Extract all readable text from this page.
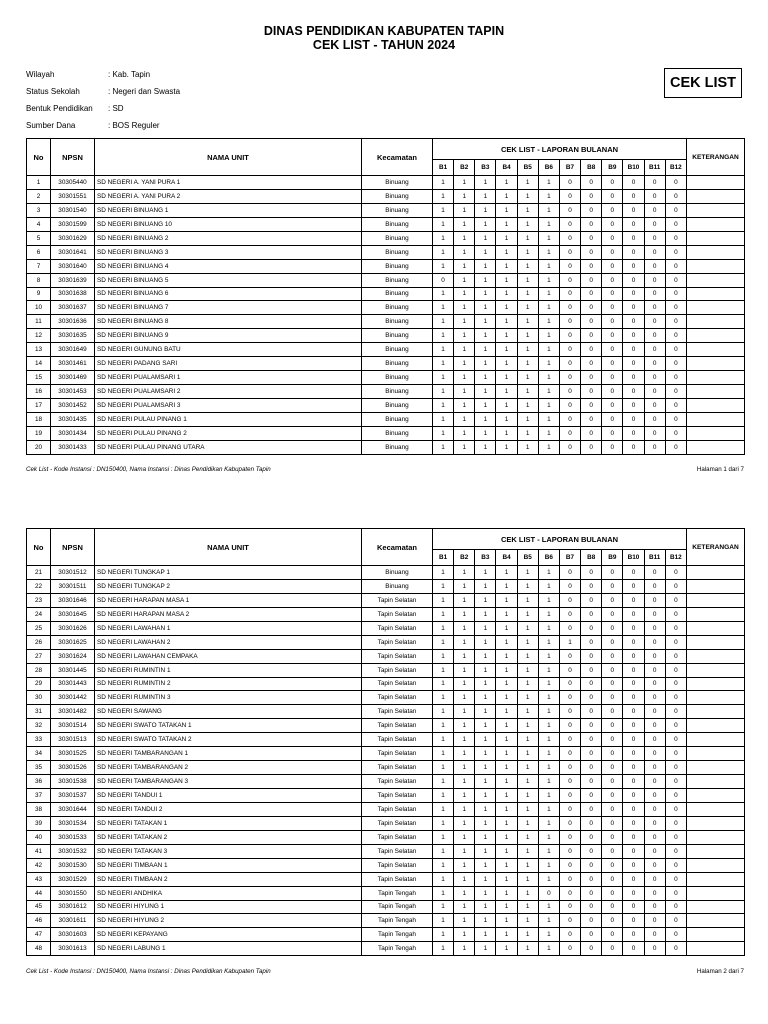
DINAS PENDIDIKAN KABUPATEN TAPIN
CEK LIST - TAHUN 2024
Wilayah	: Kab. Tapin
Status Sekolah	: Negeri dan Swasta
Bentuk Pendidikan	: SD
Sumber Dana	: BOS Reguler
CEK LIST
No	NPSN	NAMA UNIT	Kecamatan	CEK LIST - LAPORAN BULANAN												KETERANGAN
				B1	B2	B3	B4	B5	B6	B7	B8	B9	B10	B11	B12	
1	30305440	SD NEGERI A. YANI PURA 1	Binuang	1	1	1	1	1	1	0	0	0	0	0	0	
2	30301551	SD NEGERI A. YANI PURA 2	Binuang	1	1	1	1	1	1	0	0	0	0	0	0	
3	30301540	SD NEGERI BINUANG 1	Binuang	1	1	1	1	1	1	0	0	0	0	0	0	
4	30301599	SD NEGERI BINUANG 10	Binuang	1	1	1	1	1	1	0	0	0	0	0	0	
5	30301629	SD NEGERI BINUANG 2	Binuang	1	1	1	1	1	1	0	0	0	0	0	0	
6	30301641	SD NEGERI BINUANG 3	Binuang	1	1	1	1	1	1	0	0	0	0	0	0	
7	30301640	SD NEGERI BINUANG 4	Binuang	1	1	1	1	1	1	0	0	0	0	0	0	
8	30301639	SD NEGERI BINUANG 5	Binuang	0	1	1	1	1	1	0	0	0	0	0	0	
9	30301638	SD NEGERI BINUANG 6	Binuang	1	1	1	1	1	1	0	0	0	0	0	0	
10	30301637	SD NEGERI BINUANG 7	Binuang	1	1	1	1	1	1	0	0	0	0	0	0	
11	30301636	SD NEGERI BINUANG 8	Binuang	1	1	1	1	1	1	0	0	0	0	0	0	
12	30301635	SD NEGERI BINUANG 9	Binuang	1	1	1	1	1	1	0	0	0	0	0	0	
13	30301649	SD NEGERI GUNUNG BATU	Binuang	1	1	1	1	1	1	0	0	0	0	0	0	
14	30301461	SD NEGERI PADANG SARI	Binuang	1	1	1	1	1	1	0	0	0	0	0	0	
15	30301469	SD NEGERI PUALAMSARI 1	Binuang	1	1	1	1	1	1	0	0	0	0	0	0	
16	30301453	SD NEGERI PUALAMSARI 2	Binuang	1	1	1	1	1	1	0	0	0	0	0	0	
17	30301452	SD NEGERI PUALAMSARI 3	Binuang	1	1	1	1	1	1	0	0	0	0	0	0	
18	30301435	SD NEGERI PULAU PINANG 1	Binuang	1	1	1	1	1	1	0	0	0	0	0	0	
19	30301434	SD NEGERI PULAU PINANG 2	Binuang	1	1	1	1	1	1	0	0	0	0	0	0	
20	30301433	SD NEGERI PULAU PINANG UTARA	Binuang	1	1	1	1	1	1	0	0	0	0	0	0	
Cek List - Kode Instansi : DN150400, Nama Instansi : Dinas Pendidikan Kabupaten Tapin	Halaman 1 dari 7
No	NPSN	NAMA UNIT	Kecamatan	CEK LIST - LAPORAN BULANAN												KETERANGAN
				B1	B2	B3	B4	B5	B6	B7	B8	B9	B10	B11	B12	
21	30301512	SD NEGERI TUNGKAP 1	Binuang	1	1	1	1	1	1	0	0	0	0	0	0	
22	30301511	SD NEGERI TUNGKAP 2	Binuang	1	1	1	1	1	1	0	0	0	0	0	0	
23	30301646	SD NEGERI HARAPAN MASA 1	Tapin Selatan	1	1	1	1	1	1	0	0	0	0	0	0	
24	30301645	SD NEGERI HARAPAN MASA 2	Tapin Selatan	1	1	1	1	1	1	0	0	0	0	0	0	
25	30301626	SD NEGERI LAWAHAN 1	Tapin Selatan	1	1	1	1	1	1	0	0	0	0	0	0	
26	30301625	SD NEGERI LAWAHAN 2	Tapin Selatan	1	1	1	1	1	1	1	0	0	0	0	0	
27	30301624	SD NEGERI LAWAHAN CEMPAKA	Tapin Selatan	1	1	1	1	1	1	0	0	0	0	0	0	
28	30301445	SD NEGERI RUMINTIN 1	Tapin Selatan	1	1	1	1	1	1	0	0	0	0	0	0	
29	30301443	SD NEGERI RUMINTIN 2	Tapin Selatan	1	1	1	1	1	1	0	0	0	0	0	0	
30	30301442	SD NEGERI RUMINTIN 3	Tapin Selatan	1	1	1	1	1	1	0	0	0	0	0	0	
31	30301482	SD NEGERI SAWANG	Tapin Selatan	1	1	1	1	1	1	0	0	0	0	0	0	
32	30301514	SD NEGERI SWATO TATAKAN 1	Tapin Selatan	1	1	1	1	1	1	0	0	0	0	0	0	
33	30301513	SD NEGERI SWATO TATAKAN 2	Tapin Selatan	1	1	1	1	1	1	0	0	0	0	0	0	
34	30301525	SD NEGERI TAMBARANGAN 1	Tapin Selatan	1	1	1	1	1	1	0	0	0	0	0	0	
35	30301526	SD NEGERI TAMBARANGAN 2	Tapin Selatan	1	1	1	1	1	1	0	0	0	0	0	0	
36	30301538	SD NEGERI TAMBARANGAN 3	Tapin Selatan	1	1	1	1	1	1	0	0	0	0	0	0	
37	30301537	SD NEGERI TANDUI 1	Tapin Selatan	1	1	1	1	1	1	0	0	0	0	0	0	
38	30301644	SD NEGERI TANDUI 2	Tapin Selatan	1	1	1	1	1	1	0	0	0	0	0	0	
39	30301534	SD NEGERI TATAKAN 1	Tapin Selatan	1	1	1	1	1	1	0	0	0	0	0	0	
40	30301533	SD NEGERI TATAKAN 2	Tapin Selatan	1	1	1	1	1	1	0	0	0	0	0	0	
41	30301532	SD NEGERI TATAKAN 3	Tapin Selatan	1	1	1	1	1	1	0	0	0	0	0	0	
42	30301530	SD NEGERI TIMBAAN 1	Tapin Selatan	1	1	1	1	1	1	0	0	0	0	0	0	
43	30301529	SD NEGERI TIMBAAN 2	Tapin Selatan	1	1	1	1	1	1	0	0	0	0	0	0	
44	30301550	SD NEGERI ANDHIKA	Tapin Tengah	1	1	1	1	1	0	0	0	0	0	0	0	
45	30301612	SD NEGERI HIYUNG 1	Tapin Tengah	1	1	1	1	1	1	0	0	0	0	0	0	
46	30301611	SD NEGERI HIYUNG 2	Tapin Tengah	1	1	1	1	1	1	0	0	0	0	0	0	
47	30301603	SD NEGERI KEPAYANG	Tapin Tengah	1	1	1	1	1	1	0	0	0	0	0	0	
48	30301613	SD NEGERI LABUNG 1	Tapin Tengah	1	1	1	1	1	1	0	0	0	0	0	0	
Cek List - Kode Instansi : DN150400, Nama Instansi : Dinas Pendidikan Kabupaten Tapin	Halaman 2 dari 7
